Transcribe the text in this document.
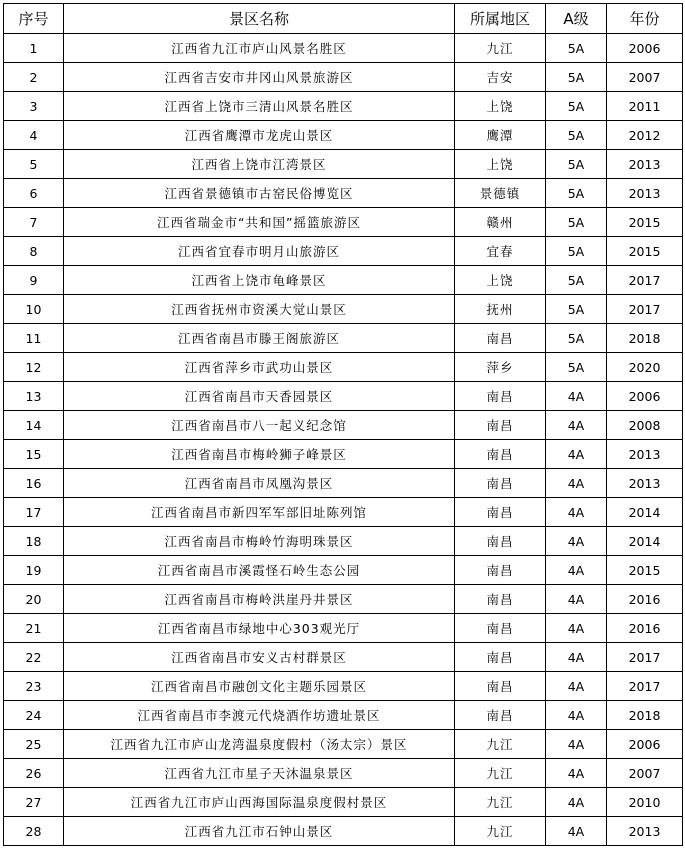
序号	景区名称	所属地区	A级	年份
1	江西省九江市庐山风景名胜区	九江	5A	2006
2	江西省吉安市井冈山风景旅游区	吉安	5A	2007
3	江西省上饶市三清山风景名胜区	上饶	5A	2011
4	江西省鹰潭市龙虎山景区	鹰潭	5A	2012
5	江西省上饶市江湾景区	上饶	5A	2013
6	江西省景德镇市古窑民俗博览区	景德镇	5A	2013
7	江西省瑞金市“共和国”摇篮旅游区	赣州	5A	2015
8	江西省宜春市明月山旅游区	宜春	5A	2015
9	江西省上饶市龟峰景区	上饶	5A	2017
10	江西省抚州市资溪大觉山景区	抚州	5A	2017
11	江西省南昌市滕王阁旅游区	南昌	5A	2018
12	江西省萍乡市武功山景区	萍乡	5A	2020
13	江西省南昌市天香园景区	南昌	4A	2006
14	江西省南昌市八一起义纪念馆	南昌	4A	2008
15	江西省南昌市梅岭狮子峰景区	南昌	4A	2013
16	江西省南昌市凤凰沟景区	南昌	4A	2013
17	江西省南昌市新四军军部旧址陈列馆	南昌	4A	2014
18	江西省南昌市梅岭竹海明珠景区	南昌	4A	2014
19	江西省南昌市溪霞怪石岭生态公园	南昌	4A	2015
20	江西省南昌市梅岭洪崖丹井景区	南昌	4A	2016
21	江西省南昌市绿地中心303观光厅	南昌	4A	2016
22	江西省南昌市安义古村群景区	南昌	4A	2017
23	江西省南昌市融创文化主题乐园景区	南昌	4A	2017
24	江西省南昌市李渡元代烧酒作坊遗址景区	南昌	4A	2018
25	江西省九江市庐山龙湾温泉度假村（汤太宗）景区	九江	4A	2006
26	江西省九江市星子天沐温泉景区	九江	4A	2007
27	江西省九江市庐山西海国际温泉度假村景区	九江	4A	2010
28	江西省九江市石钟山景区	九江	4A	2013
